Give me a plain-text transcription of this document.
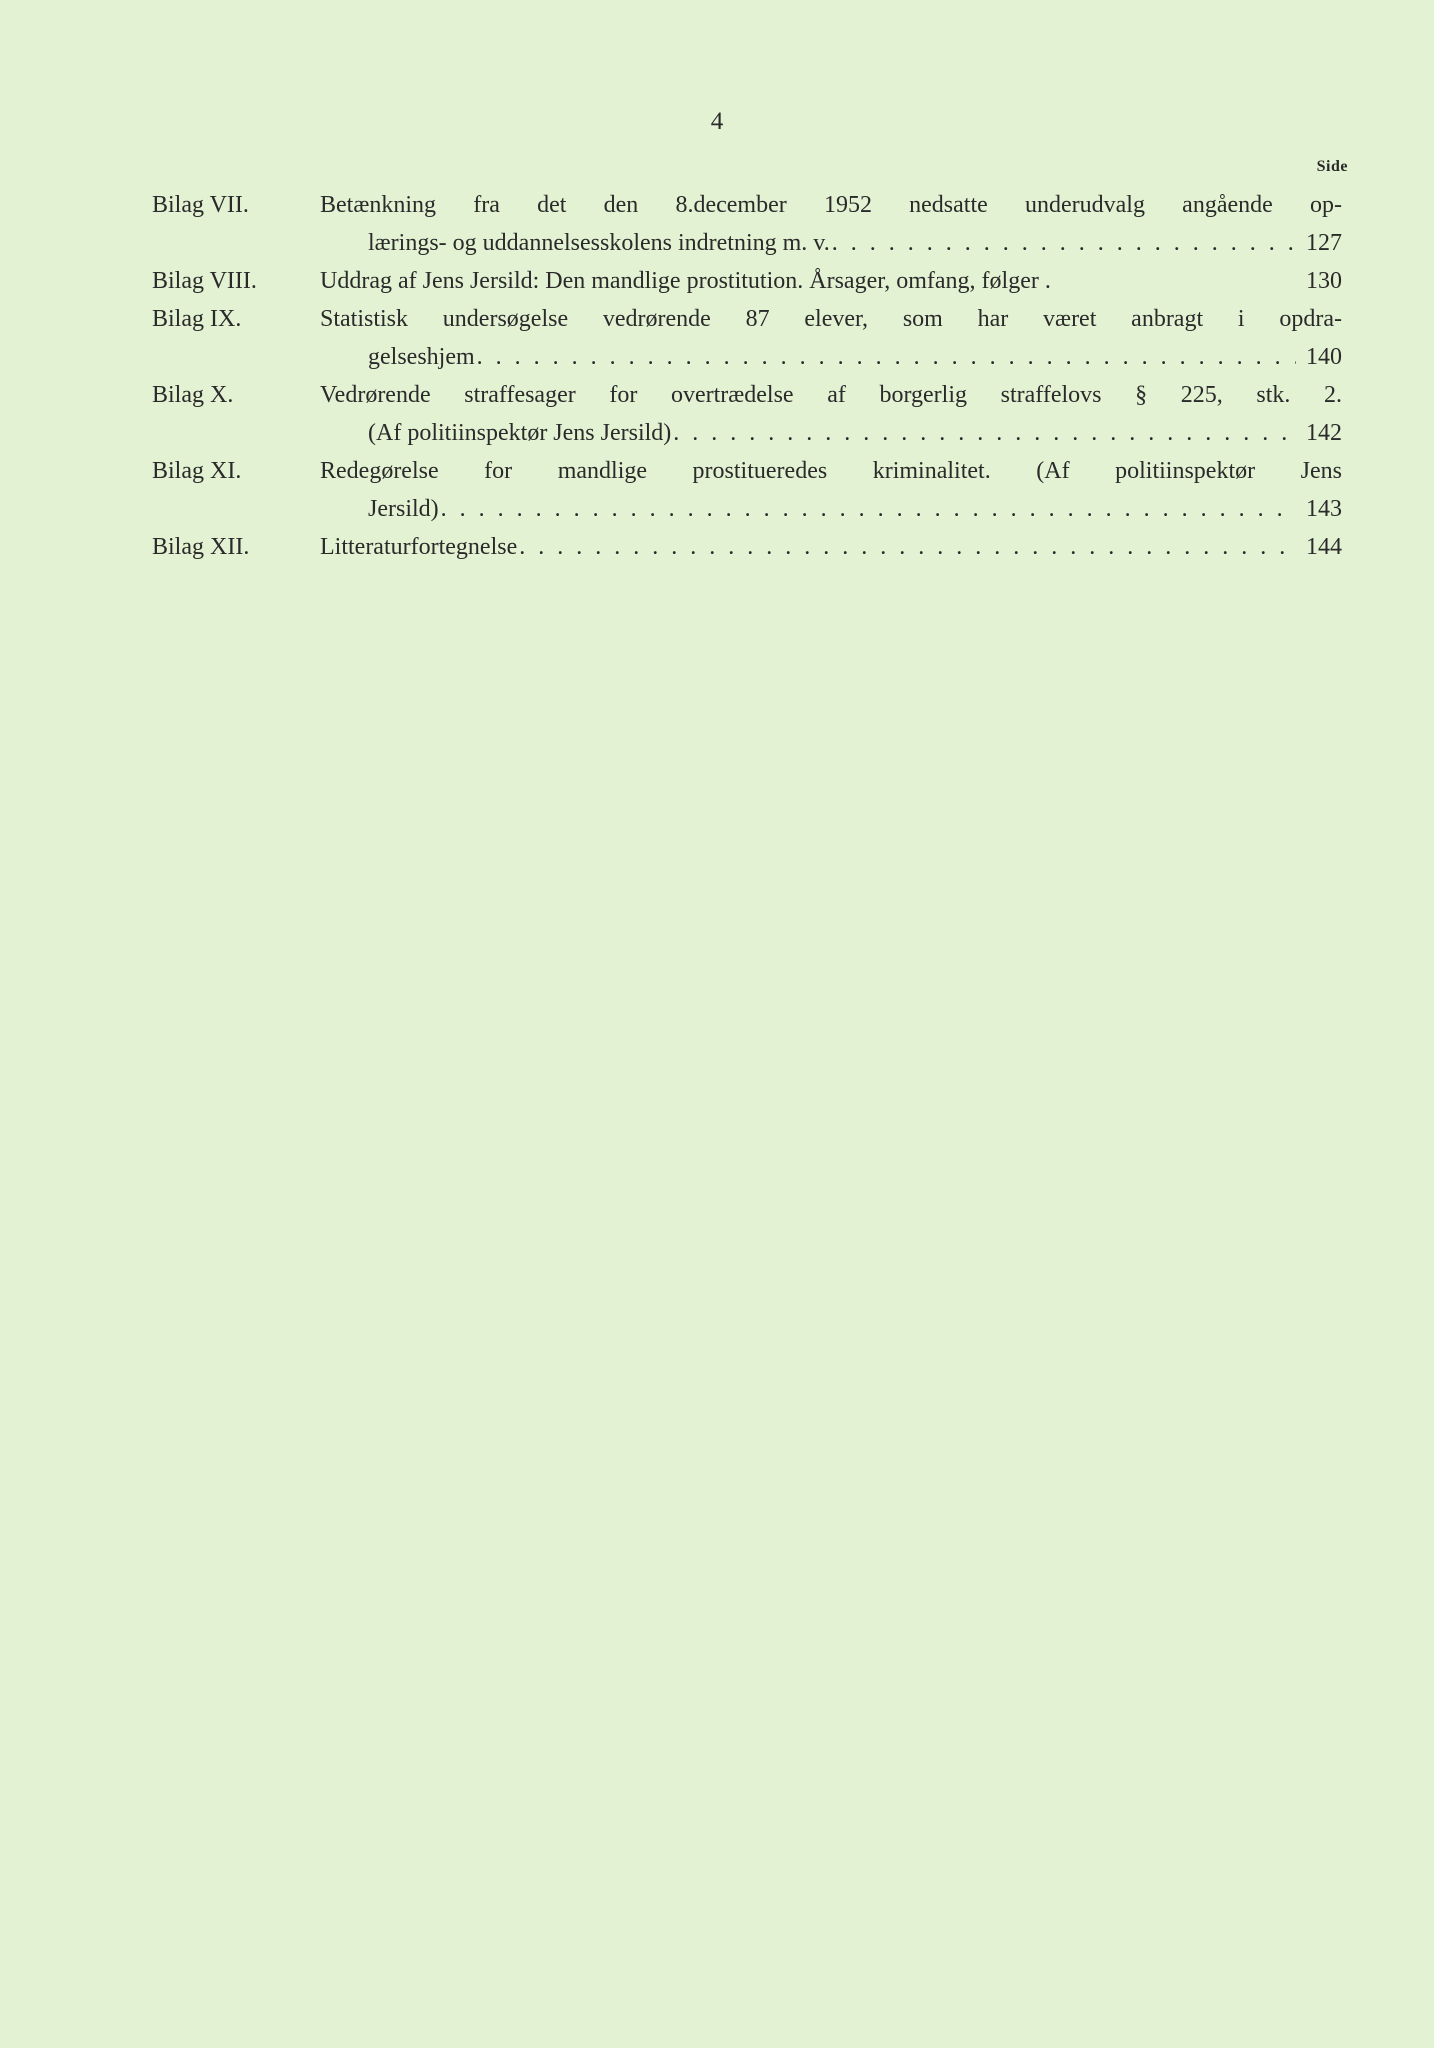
4
Side
Bilag VII.	Betænkning fra det den 8.december 1952 nedsatte underudvalg angående op-
lærings- og uddannelsesskolens indretning m. v. . . .	127
Bilag VIII.	Uddrag af Jens Jersild: Den mandlige prostitution. Årsager, omfang, følger .	130
Bilag IX.	Statistisk undersøgelse vedrørende 87 elever, som har været anbragt i opdra-
gelseshjem . . .	140
Bilag X.	Vedrørende straffesager for overtrædelse af borgerlig straffelovs § 225, stk. 2.
(Af politiinspektør Jens Jersild) . . .	142
Bilag XI.	Redegørelse for mandlige prostitueredes kriminalitet. (Af politiinspektør Jens
Jersild) . . .	143
Bilag XII.	Litteraturfortegnelse . . .	144
